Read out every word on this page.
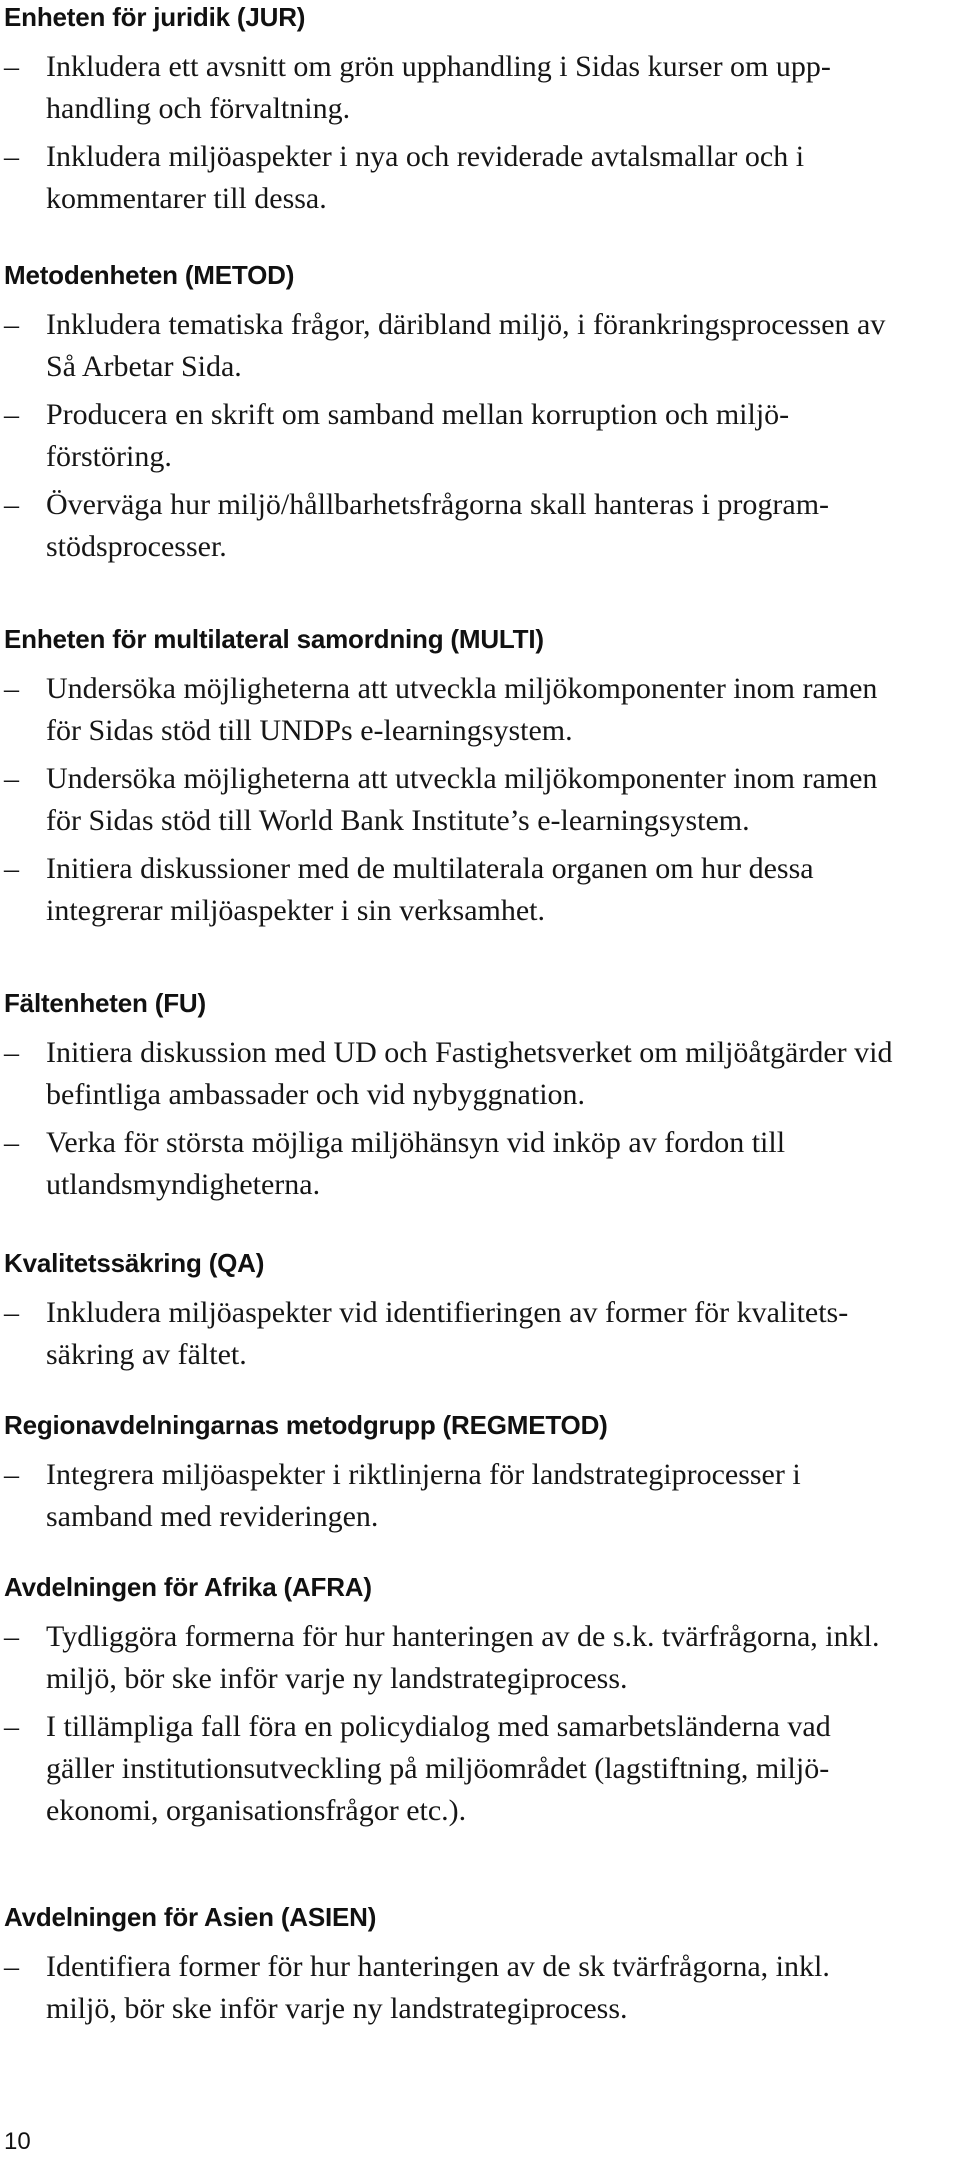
Enheten för juridik (JUR)
– Inkludera ett avsnitt om grön upphandling i Sidas kurser om upp-
handling och förvaltning.
– Inkludera miljöaspekter i nya och reviderade avtalsmallar och i
kommentarer till dessa.
Metodenheten (METOD)
– Inkludera tematiska frågor, däribland miljö, i förankringsprocessen av
Så Arbetar Sida.
– Producera en skrift om samband mellan korruption och miljö-
förstöring.
– Överväga hur miljö/hållbarhetsfrågorna skall hanteras i program-
stödsprocesser.
Enheten för multilateral samordning (MULTI)
– Undersöka möjligheterna att utveckla miljökomponenter inom ramen
för Sidas stöd till UNDPs e-learningsystem.
– Undersöka möjligheterna att utveckla miljökomponenter inom ramen
för Sidas stöd till World Bank Institute’s e-learningsystem.
– Initiera diskussioner med de multilaterala organen om hur dessa
integrerar miljöaspekter i sin verksamhet.
Fältenheten (FU)
– Initiera diskussion med UD och Fastighetsverket om miljöåtgärder vid
befintliga ambassader och vid nybyggnation.
– Verka för största möjliga miljöhänsyn vid inköp av fordon till
utlandsmyndigheterna.
Kvalitetssäkring (QA)
– Inkludera miljöaspekter vid identifieringen av former för kvalitets-
säkring av fältet.
Regionavdelningarnas metodgrupp (REGMETOD)
– Integrera miljöaspekter i riktlinjerna för landstrategiprocesser i
samband med revideringen.
Avdelningen för Afrika (AFRA)
– Tydliggöra formerna för hur hanteringen av de s.k. tvärfrågorna, inkl.
miljö, bör ske inför varje ny landstrategiprocess.
– I tillämpliga fall föra en policydialog med samarbetsländerna vad
gäller institutionsutveckling på miljöområdet (lagstiftning, miljö-
ekonomi, organisationsfrågor etc.).
Avdelningen för Asien (ASIEN)
– Identifiera former för hur hanteringen av de sk tvärfrågorna, inkl.
miljö, bör ske inför varje ny landstrategiprocess.
10
